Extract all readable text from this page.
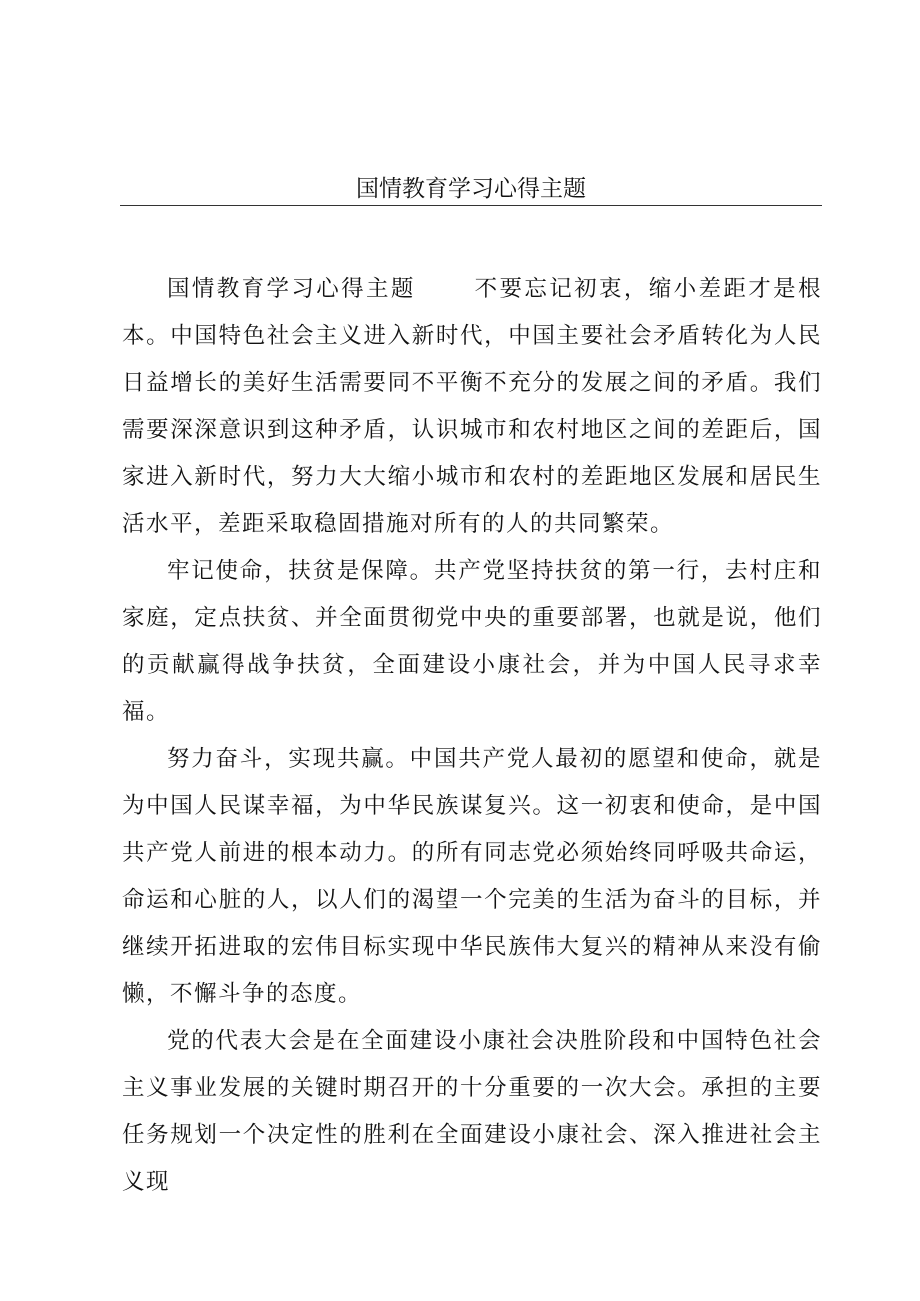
国情教育学习心得主题

国情教育学习心得主题	不要忘记初衷，缩小差距才是根本。中国特色社会主义进入新时代，中国主要社会矛盾转化为人民日益增长的美好生活需要同不平衡不充分的发展之间的矛盾。我们需要深深意识到这种矛盾，认识城市和农村地区之间的差距后，国家进入新时代，努力大大缩小城市和农村的差距地区发展和居民生活水平，差距采取稳固措施对所有的人的共同繁荣。

牢记使命，扶贫是保障。共产党坚持扶贫的第一行，去村庄和家庭，定点扶贫、并全面贯彻党中央的重要部署，也就是说，他们的贡献赢得战争扶贫，全面建设小康社会，并为中国人民寻求幸福。

努力奋斗，实现共赢。中国共产党人最初的愿望和使命，就是为中国人民谋幸福，为中华民族谋复兴。这一初衷和使命，是中国共产党人前进的根本动力。的所有同志党必须始终同呼吸共命运，命运和心脏的人，以人们的渴望一个完美的生活为奋斗的目标，并继续开拓进取的宏伟目标实现中华民族伟大复兴的精神从来没有偷懒，不懈斗争的态度。

党的代表大会是在全面建设小康社会决胜阶段和中国特色社会主义事业发展的关键时期召开的十分重要的一次大会。承担的主要任务规划一个决定性的胜利在全面建设小康社会、深入推进社会主义现
